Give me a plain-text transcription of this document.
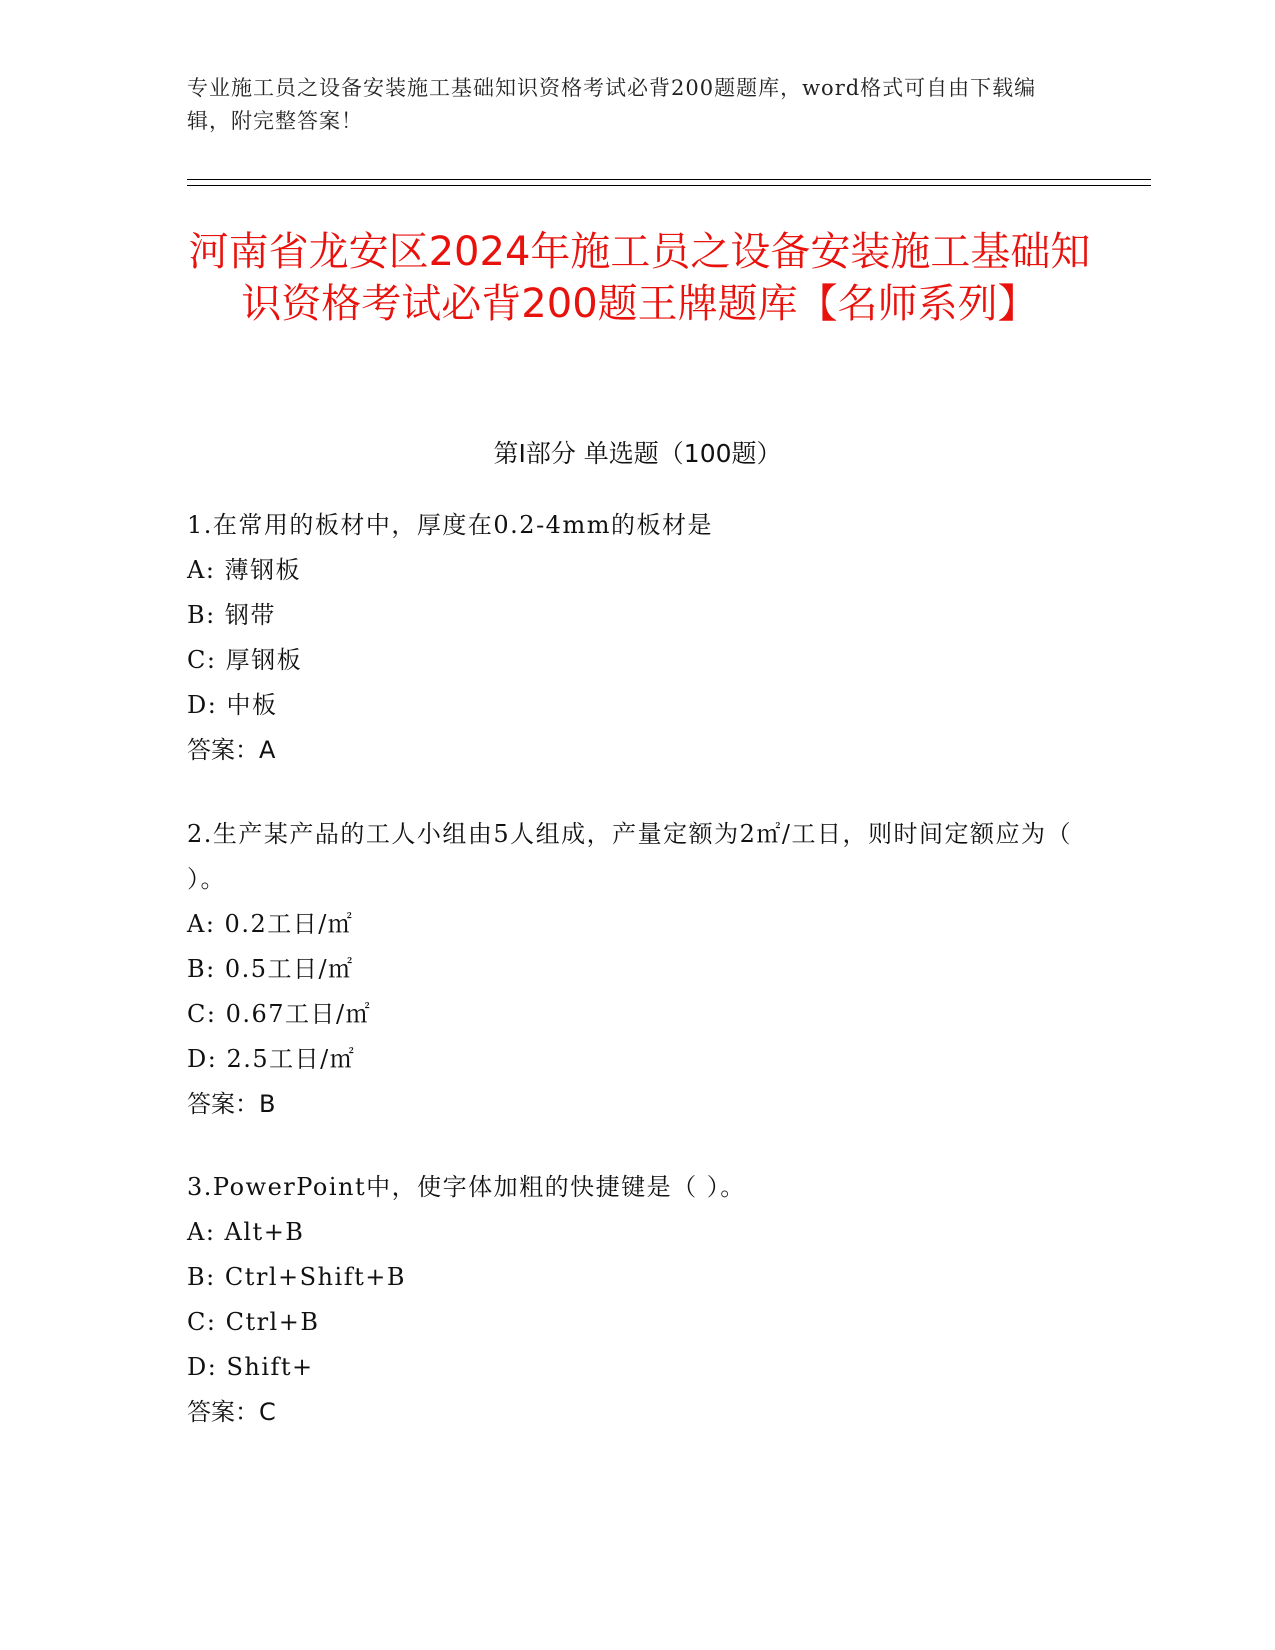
专业施工员之设备安装施工基础知识资格考试必背200题题库，word格式可自由下载编辑，附完整答案！
河南省龙安区2024年施工员之设备安装施工基础知识资格考试必背200题王牌题库【名师系列】
第I部分 单选题（100题）

1.在常用的板材中，厚度在0.2-4mm的板材是

A: 薄钢板

B: 钢带

C: 厚钢板

D: 中板

答案：A

2.生产某产品的工人小组由5人组成，产量定额为2㎡/工日，则时间定额应为（ ）。

A: 0.2工日/㎡

B: 0.5工日/㎡

C: 0.67工日/㎡

D: 2.5工日/㎡

答案：B

3.PowerPoint中，使字体加粗的快捷键是（ ）。

A: Alt+B

B: Ctrl+Shift+B

C: Ctrl+B

D: Shift+

答案：C
